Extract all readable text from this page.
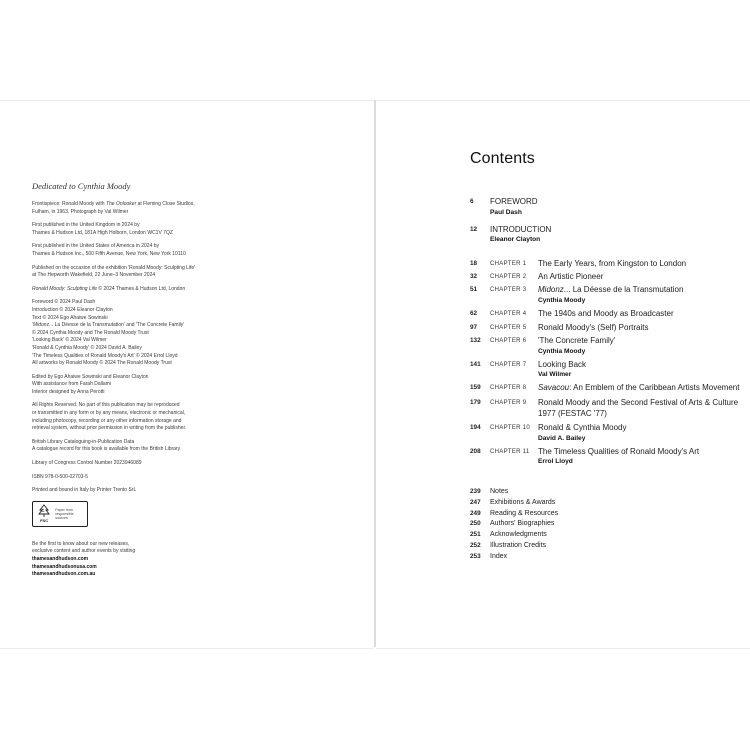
Dedicated to Cynthia Moody
Frontispiece: Ronald Moody with The Onlooker at Fleming Close Studios,
Fulham, in 1963. Photograph by Val Wilmer
First published in the United Kingdom in 2024 by
Thames & Hudson Ltd, 181A High Holborn, London WC1V 7QZ
First published in the United States of America in 2024 by
Thames & Hudson Inc., 500 Fifth Avenue, New York, New York 10110
Published on the occasion of the exhibition 'Ronald Moody: Sculpting Life'
at The Hepworth Wakefield, 22 June–3 November 2024
Ronald Moody: Sculpting Life © 2024 Thames & Hudson Ltd, London
Foreword © 2024 Paul Dash
Introduction © 2024 Eleanor Clayton
Text © 2024 Ego Ahaiwe Sowinski
'Midonz... La Déesse de la Transmutation' and 'The Concrete Family'
© 2024 Cynthia Moody and The Ronald Moody Trust
'Looking Back' © 2024 Val Wilmer
'Ronald & Cynthia Moody' © 2024 David A. Bailey
'The Timeless Qualities of Ronald Moody's Art' © 2024 Errol Lloyd
All artworks by Ronald Moody © 2024 The Ronald Moody Trust
Edited by Ego Ahaiwe Sowinski and Eleanor Clayton
With assistance from Farah Dallami
Interior designed by Anna Perotti
All Rights Reserved. No part of this publication may be reproduced
or transmitted in any form or by any means, electronic or mechanical,
including photocopy, recording or any other information storage and
retrieval system, without prior permission in writing from the publisher.
British Library Cataloguing-in-Publication Data
A catalogue record for this book is available from the British Library
Library of Congress Control Number 2023946089
ISBN 978-0-500-02703-5
Printed and bound in Italy by Printer Trento SrL
FSC
Paper from
responsible sources
Be the first to know about our new releases,
exclusive content and author events by visiting
thamesandhudson.com
thamesandhudsonusa.com
thamesandhudson.com.au
Contents
6	FOREWORD
Paul Dash
12	INTRODUCTION
Eleanor Clayton
18	CHAPTER 1 The Early Years, from Kingston to London
32	CHAPTER 2 An Artistic Pioneer
51	CHAPTER 3 Midonz... La Déesse de la Transmutation
Cynthia Moody
62	CHAPTER 4 The 1940s and Moody as Broadcaster
97	CHAPTER 5 Ronald Moody's (Self) Portraits
132	CHAPTER 6 'The Concrete Family'
Cynthia Moody
141	CHAPTER 7 Looking Back
Val Wilmer
159	CHAPTER 8 Savacou: An Emblem of the Caribbean Artists Movement
179	CHAPTER 9 Ronald Moody and the Second Festival of Arts & Culture 1977 (FESTAC '77)
194	CHAPTER 10 Ronald & Cynthia Moody
David A. Bailey
208	CHAPTER 11 The Timeless Qualities of Ronald Moody's Art
Errol Lloyd
239	Notes
247	Exhibitions & Awards
249	Reading & Resources
250	Authors' Biographies
251	Acknowledgments
252	Illustration Credits
253	Index
